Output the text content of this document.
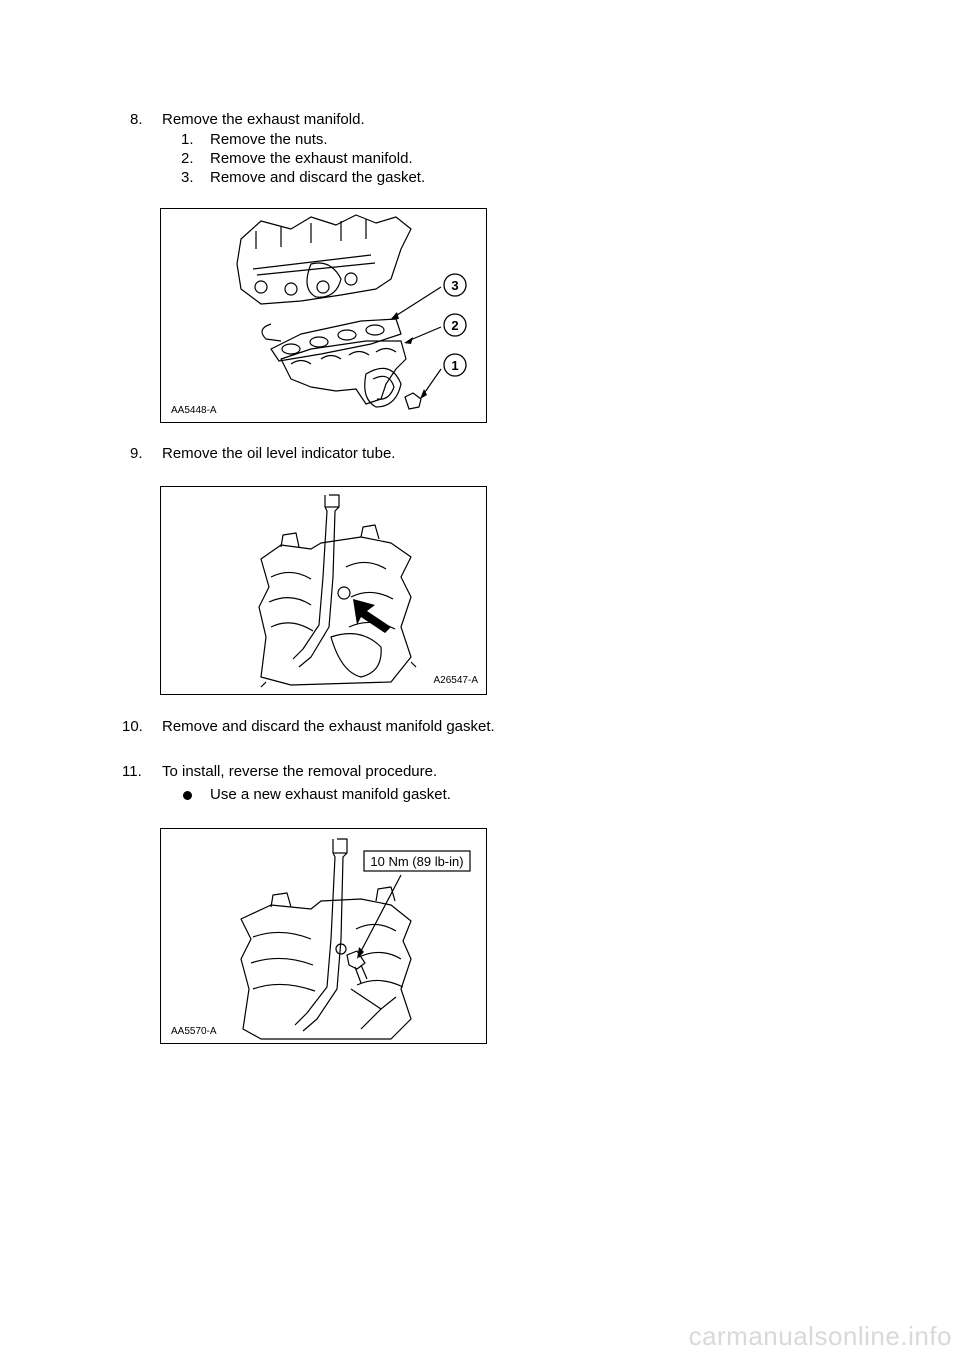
8. Remove the exhaust manifold.
1. Remove the nuts.
2. Remove the exhaust manifold.
3. Remove and discard the gasket.
3
2
1
AA5448-A
9. Remove the oil level indicator tube.
A26547-A
10. Remove and discard the exhaust manifold gasket.
11. To install, reverse the removal procedure.
Use a new exhaust manifold gasket.
10 Nm (89 lb-in)
AA5570-A
carmanualsonline.info
